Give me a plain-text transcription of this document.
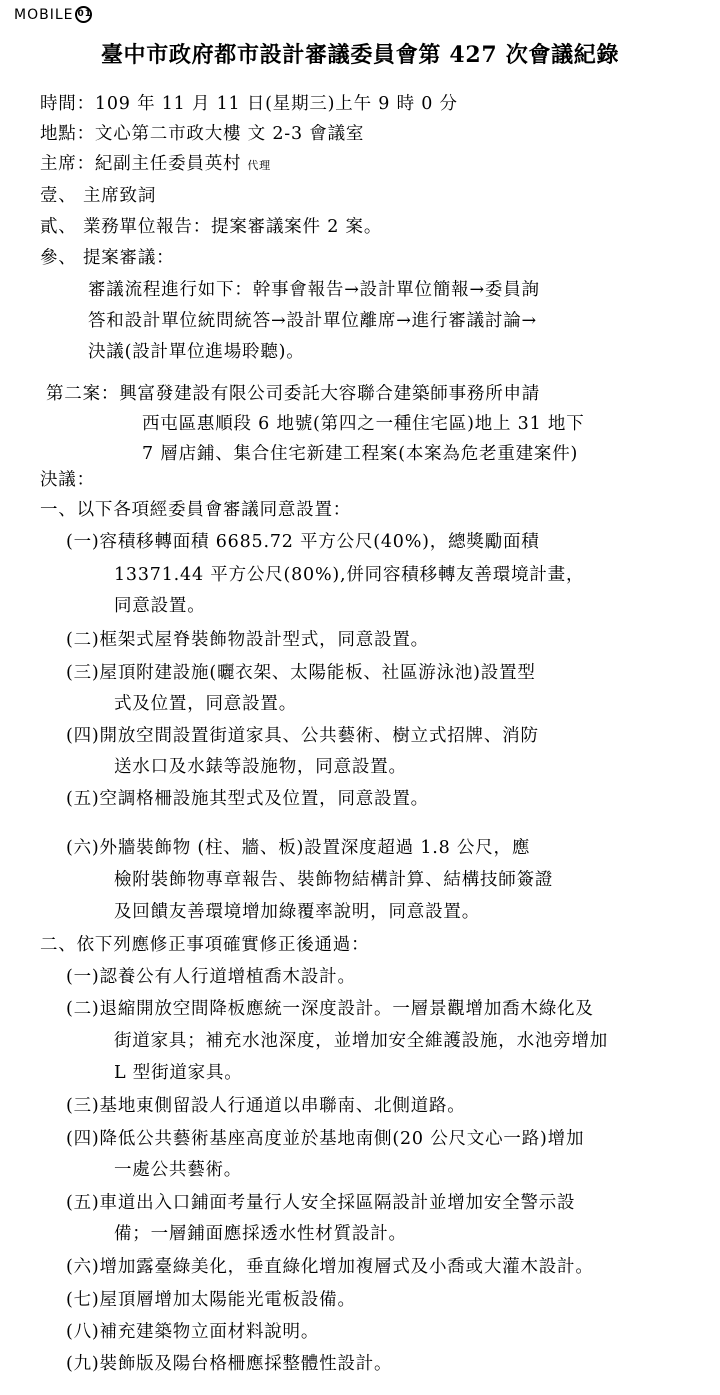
MOBILE 01
臺中市政府都市設計審議委員會第 427 次會議紀錄
時間：109 年 11 月 11 日(星期三)上午 9 時 0 分
地點：文心第二市政大樓 文 2-3 會議室
主席：紀副主任委員英村 代理
壹、 主席致詞
貳、 業務單位報告：提案審議案件 2 案。
參、 提案審議：
審議流程進行如下：幹事會報告→設計單位簡報→委員詢
答和設計單位統問統答→設計單位離席→進行審議討論→
決議(設計單位進場聆聽)。
第二案：興富發建設有限公司委託大容聯合建築師事務所申請
西屯區惠順段 6 地號(第四之一種住宅區)地上 31 地下
7 層店鋪、集合住宅新建工程案(本案為危老重建案件)
決議：
一、以下各項經委員會審議同意設置：
(一)容積移轉面積 6685.72 平方公尺(40%)，總獎勵面積
13371.44 平方公尺(80%),併同容積移轉友善環境計畫，
同意設置。
(二)框架式屋脊裝飾物設計型式，同意設置。
(三)屋頂附建設施(曬衣架、太陽能板、社區游泳池)設置型
式及位置，同意設置。
(四)開放空間設置街道家具、公共藝術、樹立式招牌、消防
送水口及水錶等設施物，同意設置。
(五)空調格柵設施其型式及位置，同意設置。
(六)外牆裝飾物 (柱、牆、板)設置深度超過 1.8 公尺，應
檢附裝飾物專章報告、裝飾物結構計算、結構技師簽證
及回饋友善環境增加綠覆率說明，同意設置。
二、依下列應修正事項確實修正後通過：
(一)認養公有人行道增植喬木設計。
(二)退縮開放空間降板應統一深度設計。一層景觀增加喬木綠化及
街道家具；補充水池深度，並增加安全維護設施，水池旁增加
L 型街道家具。
(三)基地東側留設人行通道以串聯南、北側道路。
(四)降低公共藝術基座高度並於基地南側(20 公尺文心一路)增加
一處公共藝術。
(五)車道出入口鋪面考量行人安全採區隔設計並增加安全警示設
備；一層鋪面應採透水性材質設計。
(六)增加露臺綠美化，垂直綠化增加複層式及小喬或大灌木設計。
(七)屋頂層增加太陽能光電板設備。
(八)補充建築物立面材料說明。
(九)裝飾版及陽台格柵應採整體性設計。
